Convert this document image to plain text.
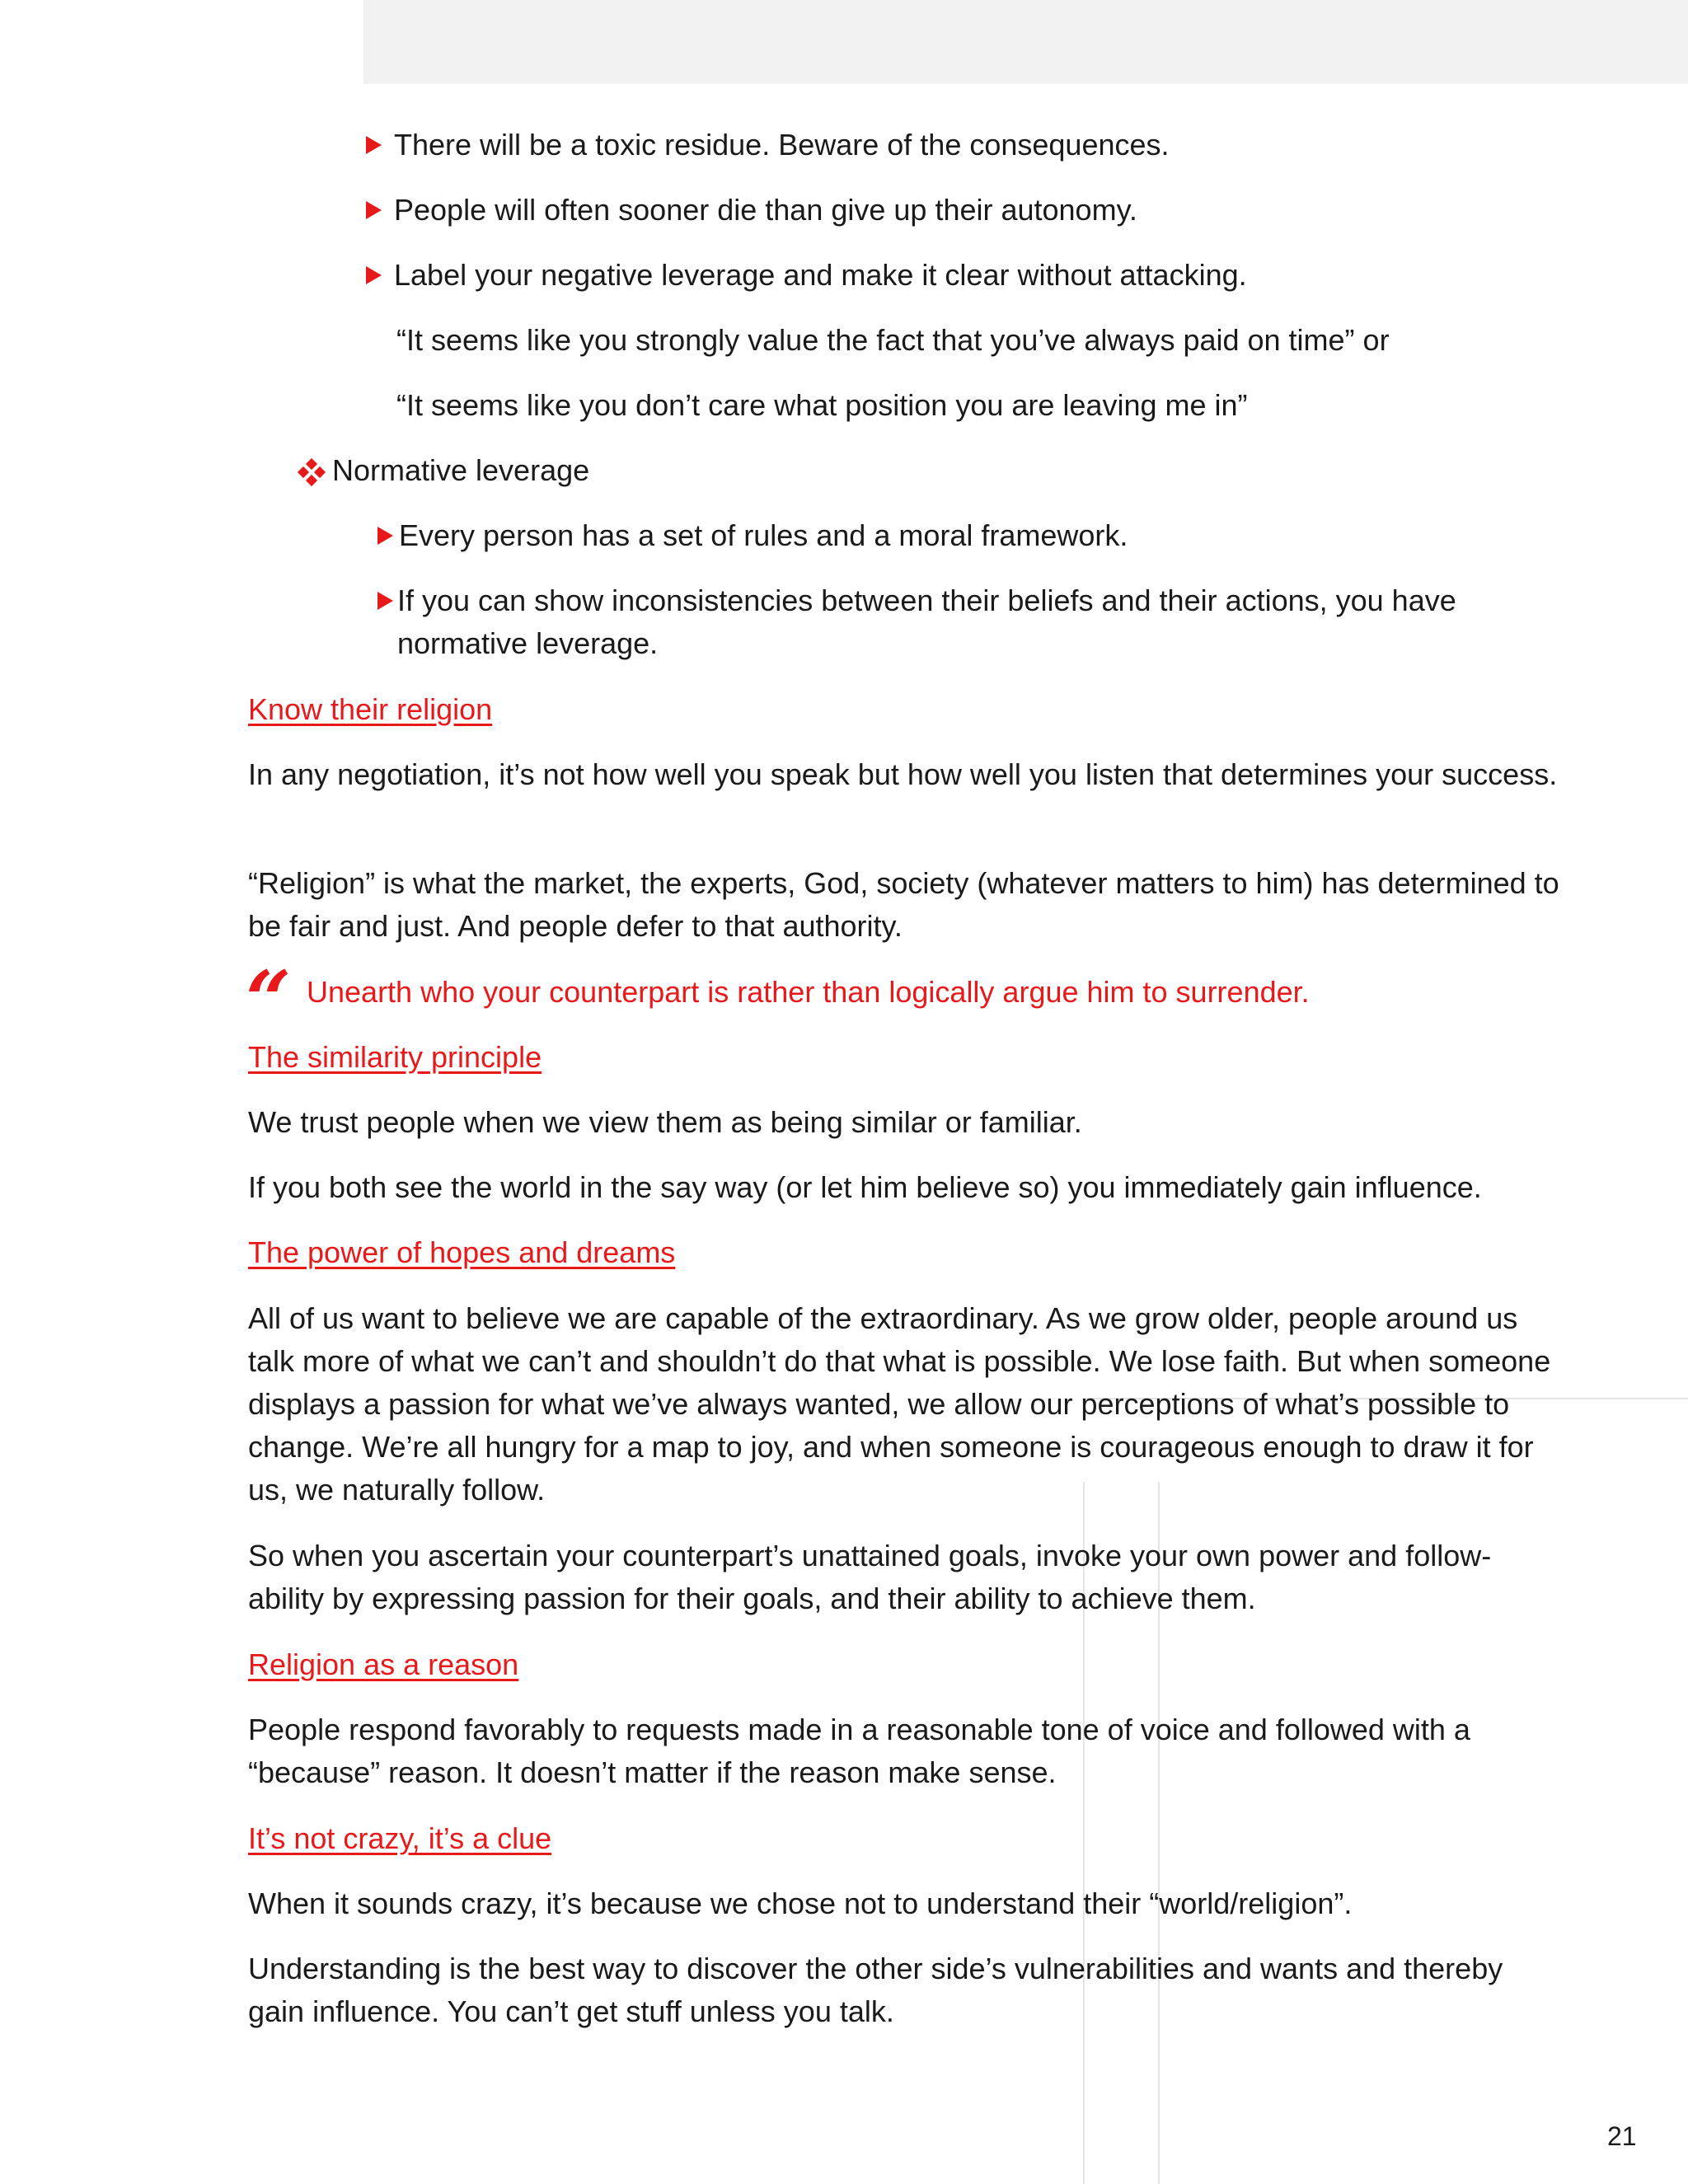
There will be a toxic residue. Beware of the consequences.
People will often sooner die than give up their autonomy.
Label your negative leverage and make it clear without attacking.
“It seems like you strongly value the fact that you’ve always paid on time” or
“It seems like you don’t care what position you are leaving me in”
Normative leverage
Every person has a set of rules and a moral framework.
If you can show inconsistencies between their beliefs and their actions, you have normative leverage.
Know their religion
In any negotiation, it’s not how well you speak but how well you listen that determines your success.
“Religion” is what the market, the experts, God, society (whatever matters to him) has determined to be fair and just. And people defer to that authority.
“ Unearth who your counterpart is rather than logically argue him to surrender.
The similarity principle
We trust people when we view them as being similar or familiar.
If you both see the world in the say way (or let him believe so) you immediately gain influence.
The power of hopes and dreams
All of us want to believe we are capable of the extraordinary. As we grow older, people around us talk more of what we can’t and shouldn’t do that what is possible. We lose faith. But when someone displays a passion for what we’ve always wanted, we allow our perceptions of what’s possible to change. We’re all hungry for a map to joy, and when someone is courageous enough to draw it for us, we naturally follow.
So when you ascertain your counterpart’s unattained goals, invoke your own power and follow-ability by expressing passion for their goals, and their ability to achieve them.
Religion as a reason
People respond favorably to requests made in a reasonable tone of voice and followed with a “because” reason. It doesn’t matter if the reason make sense.
It’s not crazy, it’s a clue
When it sounds crazy, it’s because we chose not to understand their “world/religion”.
Understanding is the best way to discover the other side’s vulnerabilities and wants and thereby gain influence. You can’t get stuff unless you talk.
21
